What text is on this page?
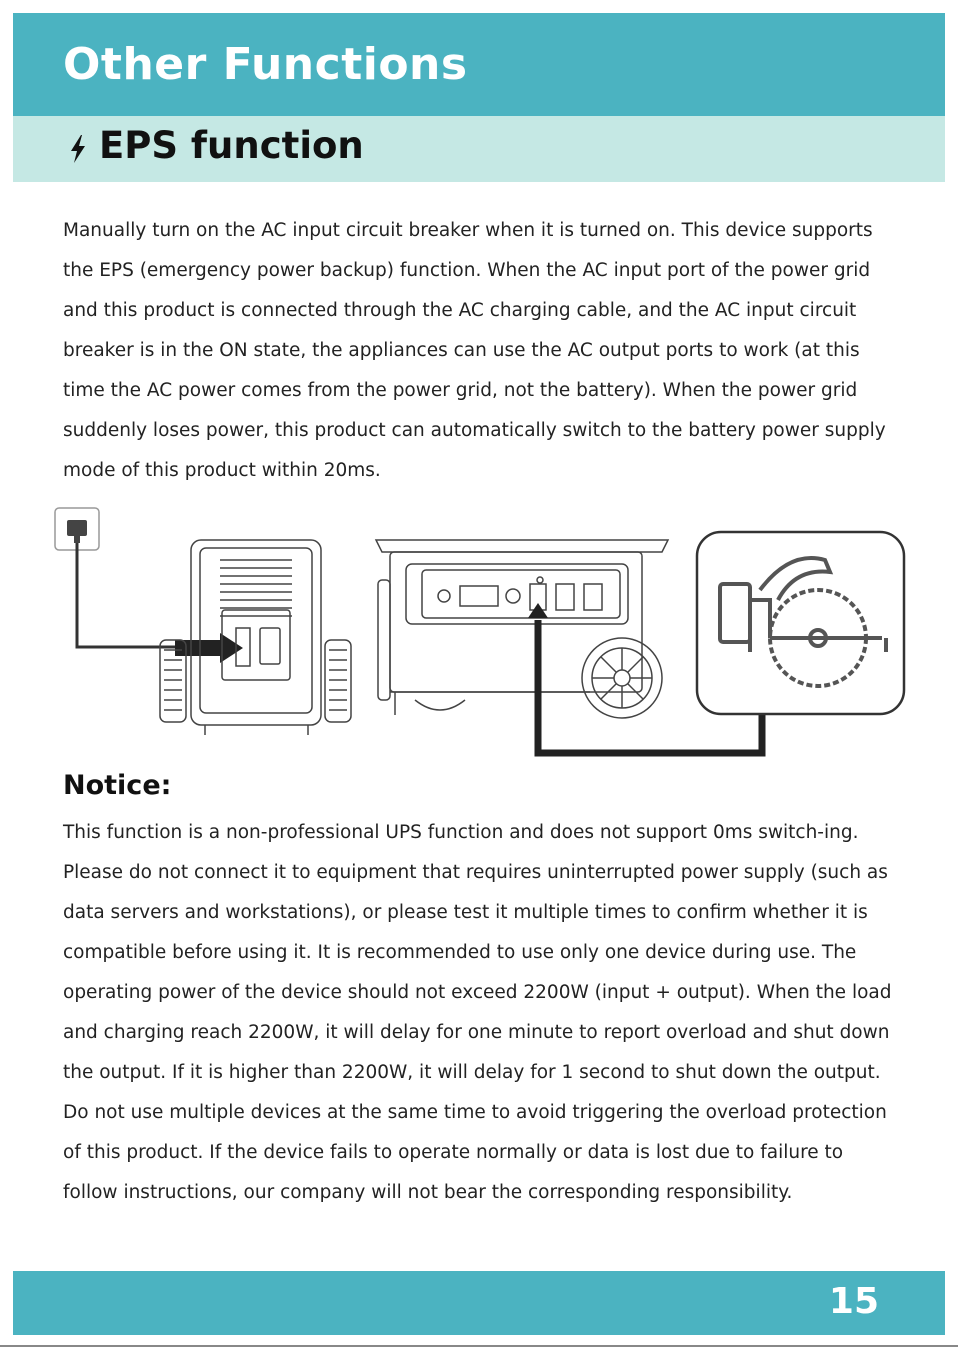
Other Functions
EPS function

Manually turn on the AC input circuit breaker when it is turned on. This device supports the EPS (emergency power backup) function. When the AC input port of the power grid and this product is connected through the AC charging cable, and the AC input circuit breaker is in the ON state, the appliances can use the AC output ports to work (at this time the AC power comes from the power grid, not the battery). When the power grid suddenly loses power, this product can automatically switch to the battery power supply mode of this product within 20ms.

Notice:

This function is a non-professional UPS function and does not support 0ms switch-ing. Please do not connect it to equipment that requires uninterrupted power supply (such as data servers and workstations), or please test it multiple times to confirm whether it is compatible before using it. It is recommended to use only one device during use. The operating power of the device should not exceed 2200W (input + output). When the load and charging reach 2200W, it will delay for one minute to report overload and shut down the output. If it is higher than 2200W, it will delay for 1 second to shut down the output. Do not use multiple devices at the same time to avoid triggering the overload protection of this product. If the device fails to operate normally or data is lost due to failure to follow instructions, our company will not bear the corresponding responsibility.

15
